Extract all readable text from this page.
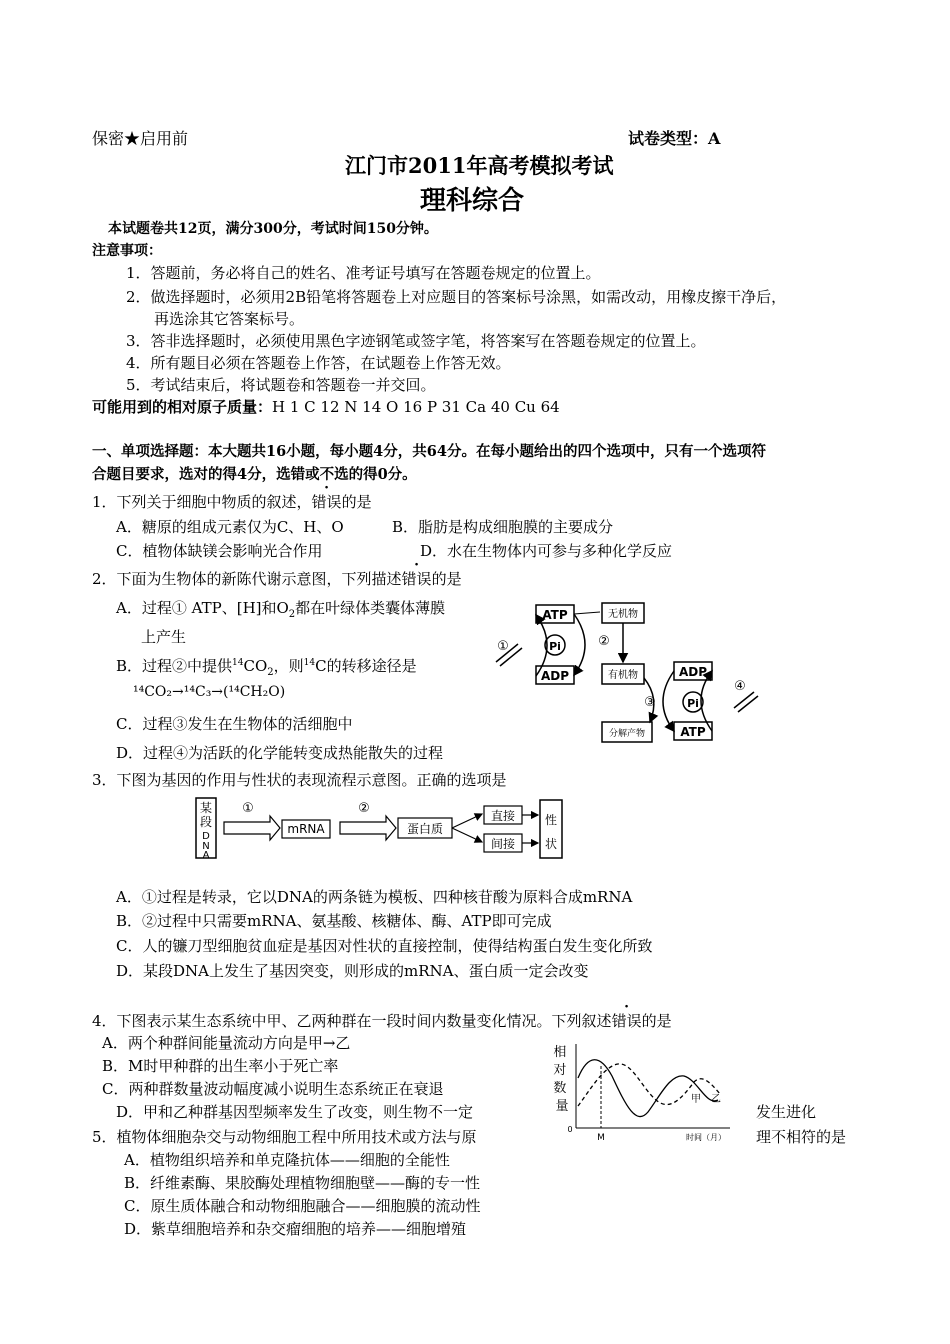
保密★启用前	试卷类型：A
江门市2011年高考模拟考试
理科综合
本试题卷共12页，满分300分，考试时间150分钟。
注意事项：
1．答题前，务必将自己的姓名、准考证号填写在答题卷规定的位置上。
2．做选择题时，必须用2B铅笔将答题卷上对应题目的答案标号涂黑，如需改动，用橡皮擦干净后，
再选涂其它答案标号。
3．答非选择题时，必须使用黑色字迹钢笔或签字笔，将答案写在答题卷规定的位置上。
4．所有题目必须在答题卷上作答，在试题卷上作答无效。
5．考试结束后，将试题卷和答题卷一并交回。
可能用到的相对原子质量：H 1 C 12 N 14 O 16 P 31 Ca 40 Cu 64
一、单项选择题：本大题共16小题，每小题4分，共64分。在每小题给出的四个选项中，只有一个选项符
合题目要求，选对的得4分，选错或不选的得0分。
1．下列关于细胞中物质的叙述，错误的是
A．糖原的组成元素仅为C、H、O	B．脂肪是构成细胞膜的主要成分
C．植物体缺镁会影响光合作用	D．水在生物体内可参与多种化学反应
2．下面为生物体的新陈代谢示意图，下列描述错误的是
A．过程① ATP、[H]和$O_2$都在叶绿体类囊体薄膜
上产生
B．过程②中提供$^{14}CO_2$，则$^{14}$C的转移途径是
¹⁴CO₂→¹⁴C₃→(¹⁴CH₂O)
C．过程③发生在生物体的活细胞中
D．过程④为活跃的化学能转变成热能散失的过程
ATP
ADP
Pi
无机物
有机物	ADP
ATP
Pi
分解产物
①	②
③
④
3．下图为基因的作用与性状的表现流程示意图。正确的选项是
某段 D N A
①
mRNA
②
蛋白质
直接
间接
性
状
A．①过程是转录，它以DNA的两条链为模板、四种核苷酸为原料合成mRNA
B．②过程中只需要mRNA、氨基酸、核糖体、酶、ATP即可完成
C．人的镰刀型细胞贫血症是基因对性状的直接控制，使得结构蛋白发生变化所致
D．某段DNA上发生了基因突变，则形成的mRNA、蛋白质一定会改变
4．下图表示某生态系统中甲、乙两种群在一段时间内数量变化情况。下列叙述错误的是
A．两个种群间能量流动方向是甲→乙
B．M时甲种群的出生率小于死亡率
C．两种群数量波动幅度减小说明生态系统正在衰退
D．甲和乙种群基因型频率发生了改变，则生物不一定	发生进化
相 对 数 量
0
M	时间（月）
甲 乙
5．植物体细胞杂交与动物细胞工程中所用技术或方法与原	理不相符的是
A．植物组织培养和单克隆抗体——细胞的全能性
B．纤维素酶、果胶酶处理植物细胞壁——酶的专一性
C．原生质体融合和动物细胞融合——细胞膜的流动性
D．紫草细胞培养和杂交瘤细胞的培养——细胞增殖
